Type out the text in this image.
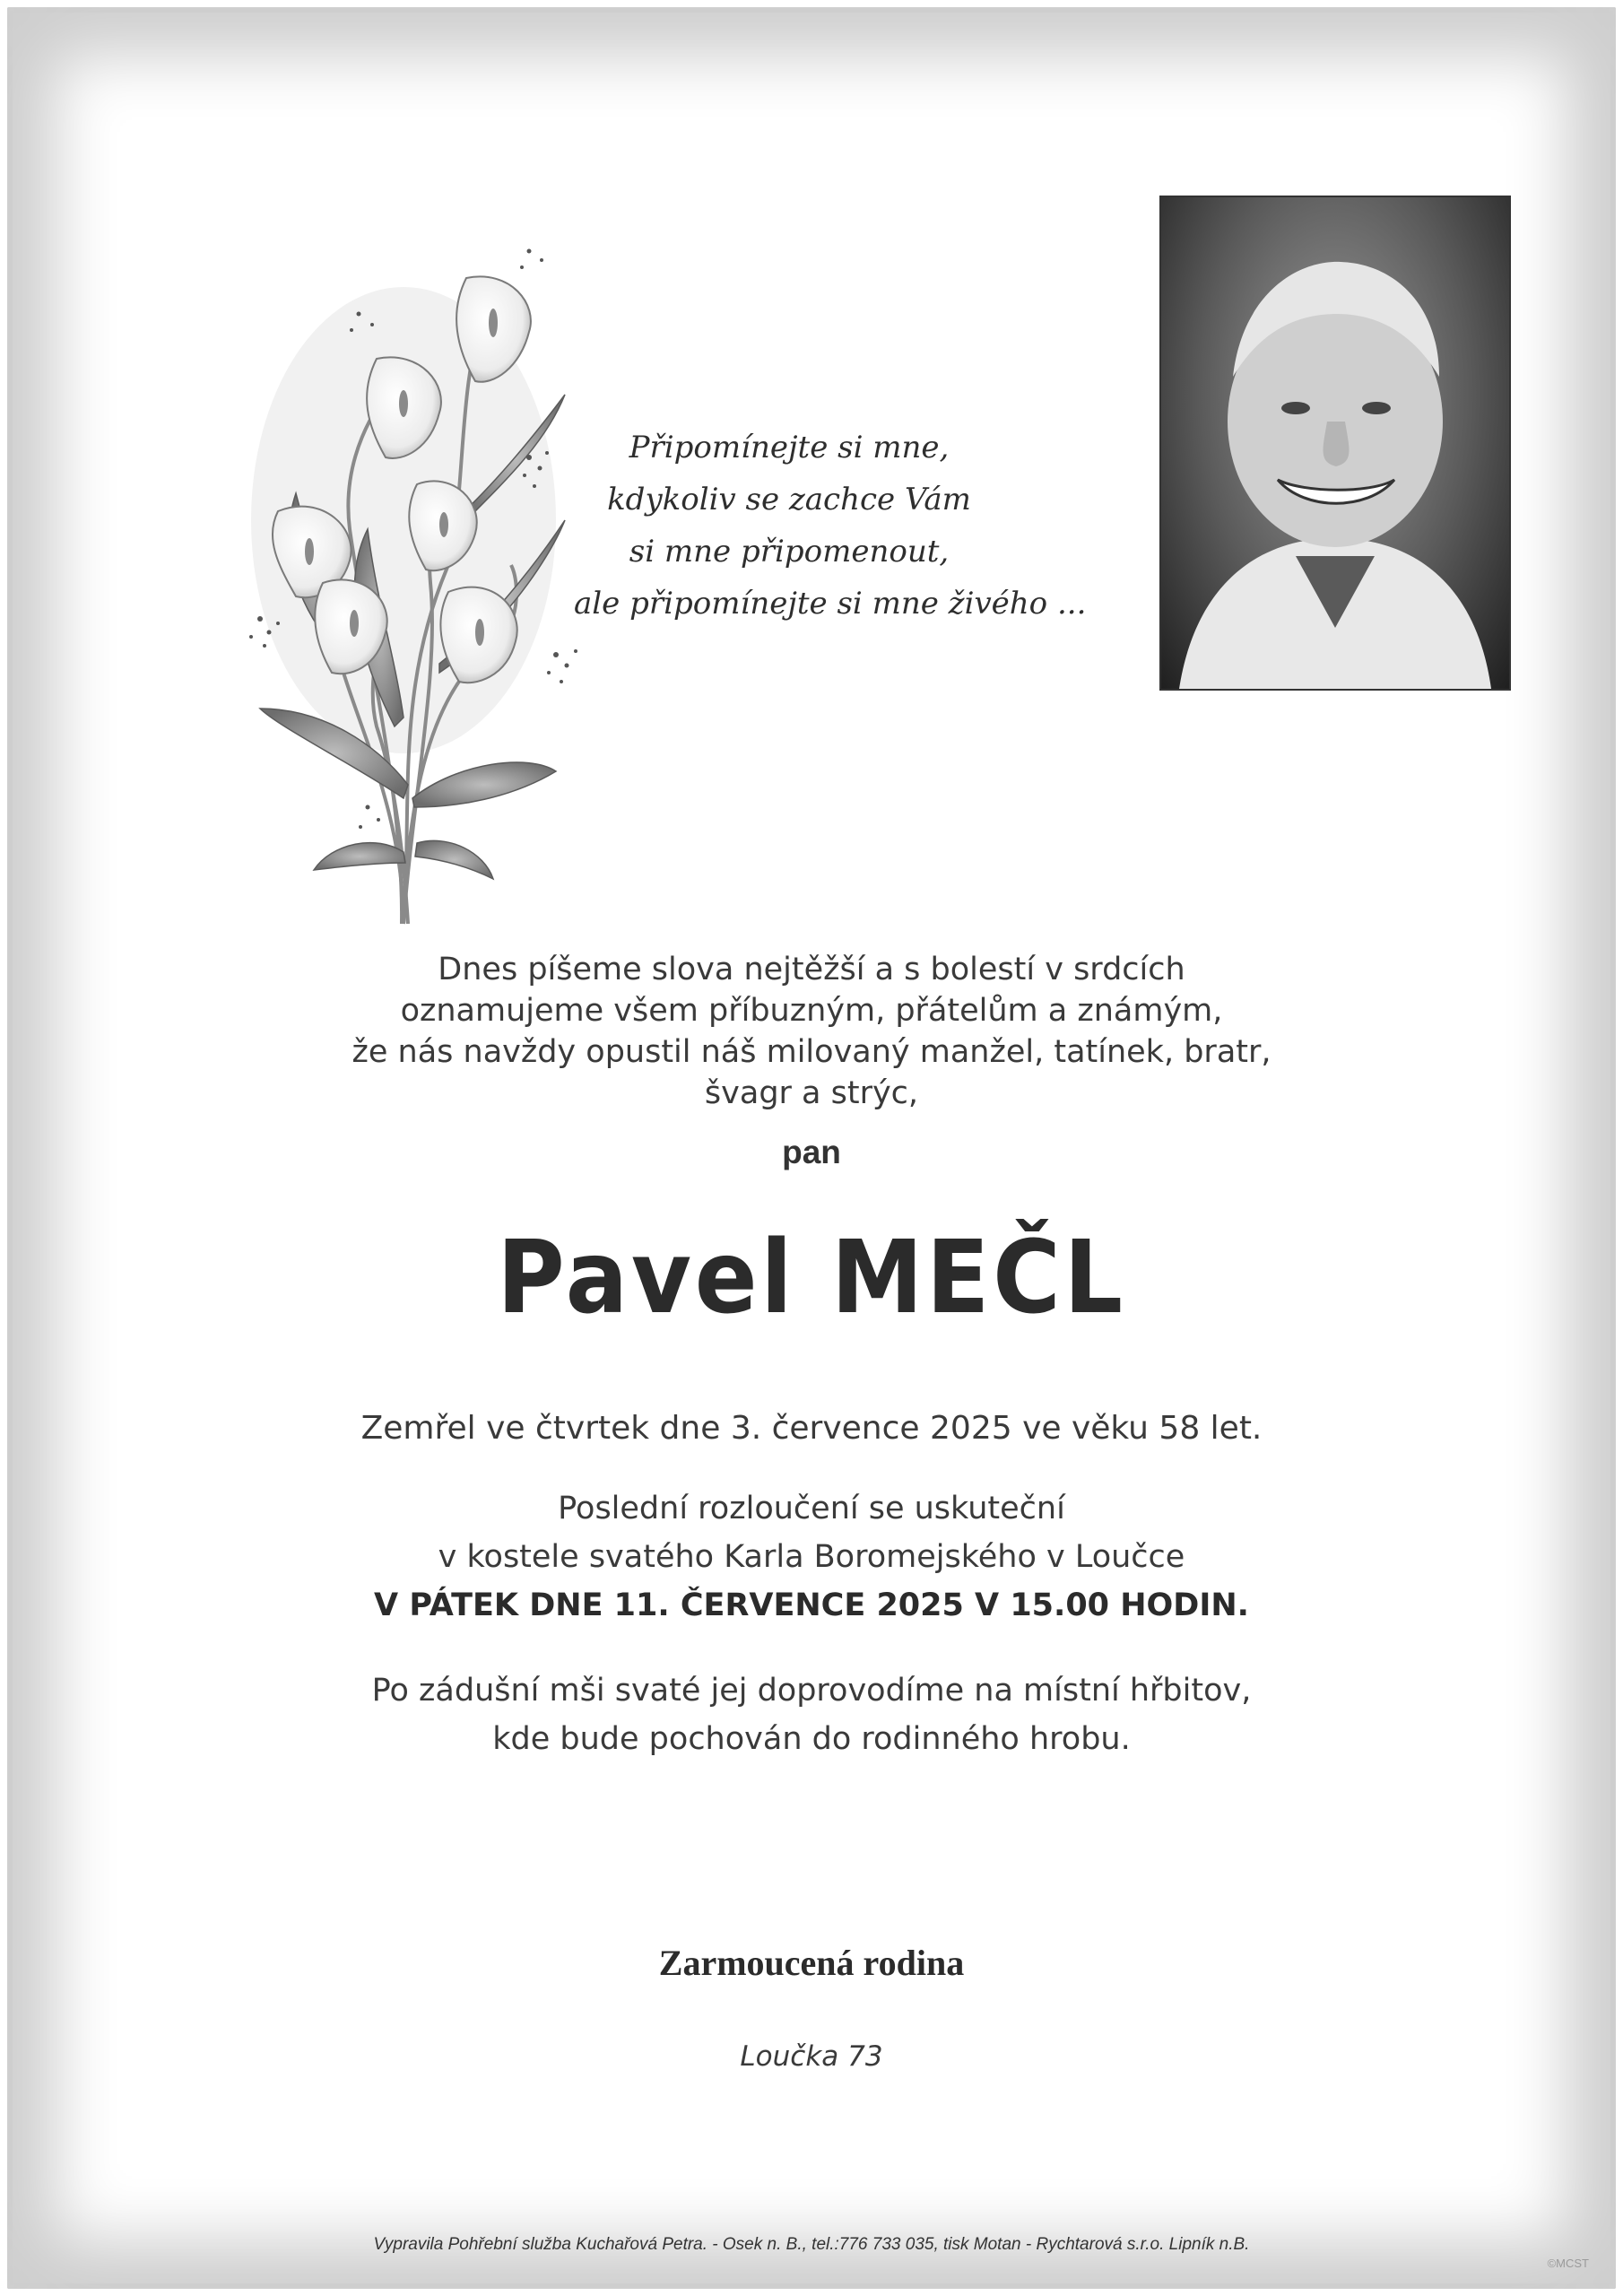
Připomínejte si mne,
kdykoliv se zachce Vám
si mne připomenout,
ale připomínejte si mne živého ...
Dnes píšeme slova nejtěžší a s bolestí v srdcích
oznamujeme všem příbuzným, přátelům a známým,
že nás navždy opustil náš milovaný manžel, tatínek, bratr,
švagr a strýc,
pan
Pavel MEČL
Zemřel ve čtvrtek dne 3. července 2025 ve věku 58 let.
Poslední rozloučení se uskuteční
v kostele svatého Karla Boromejského v Loučce
V PÁTEK DNE 11. ČERVENCE 2025 V 15.00 HODIN.
Po zádušní mši svaté jej doprovodíme na místní hřbitov,
kde bude pochován do rodinného hrobu.
Zarmoucená rodina
Loučka 73
Vypravila Pohřební služba Kuchařová Petra. - Osek n. B., tel.:776 733 035, tisk Motan - Rychtarová s.r.o. Lipník n.B.
©MCST
